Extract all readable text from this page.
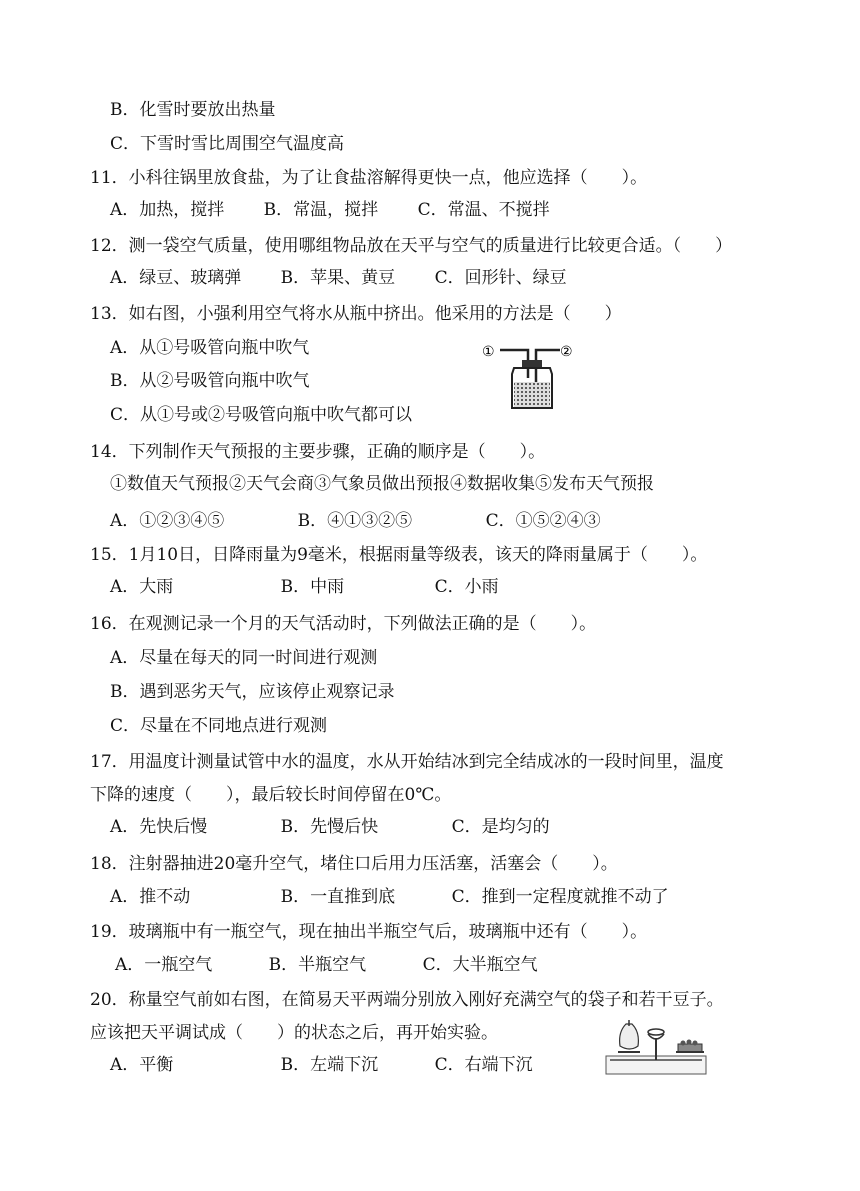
B．化雪时要放出热量
C．下雪时雪比周围空气温度高
11．小科往锅里放食盐，为了让食盐溶解得更快一点，他应选择（　　）。
A．加热，搅拌　　 B．常温，搅拌　　 C．常温、不搅拌
12．测一袋空气质量，使用哪组物品放在天平与空气的质量进行比较更合适。（　　）
A．绿豆、玻璃弹　　 B．苹果、黄豆　　 C．回形针、绿豆
13．如右图，小强利用空气将水从瓶中挤出。他采用的方法是（　　）
A．从①号吸管向瓶中吹气
B．从②号吸管向瓶中吹气
C．从①号或②号吸管向瓶中吹气都可以
①	②
14．下列制作天气预报的主要步骤，正确的顺序是（　　）。
①数值天气预报②天气会商③气象员做出预报④数据收集⑤发布天气预报
A．①②③④⑤　　　　 B．④①③②⑤　　　　 C．①⑤②④③
15．1月10日，日降雨量为9毫米，根据雨量等级表，该天的降雨量属于（　　）。
A．大雨　　　　　　 B．中雨　　　　　 C．小雨
16．在观测记录一个月的天气活动时，下列做法正确的是（　　）。
A．尽量在每天的同一时间进行观测
B．遇到恶劣天气，应该停止观察记录
C．尽量在不同地点进行观测
17．用温度计测量试管中水的温度，水从开始结冰到完全结成冰的一段时间里，温度
下降的速度（　　），最后较长时间停留在0℃。
A．先快后慢　　　　 B．先慢后快　　　　 C．是均匀的
18．注射器抽进20毫升空气，堵住口后用力压活塞，活塞会（　　）。
A．推不动　　　　　 B．一直推到底　　　 C．推到一定程度就推不动了
19．玻璃瓶中有一瓶空气，现在抽出半瓶空气后，玻璃瓶中还有（　　）。
A．一瓶空气　　　 B．半瓶空气　　　 C．大半瓶空气
20．称量空气前如右图，在简易天平两端分别放入刚好充满空气的袋子和若干豆子。
应该把天平调试成（　　）的状态之后，再开始实验。
A．平衡　　　　　　 B．左端下沉　　　 C．右端下沉
